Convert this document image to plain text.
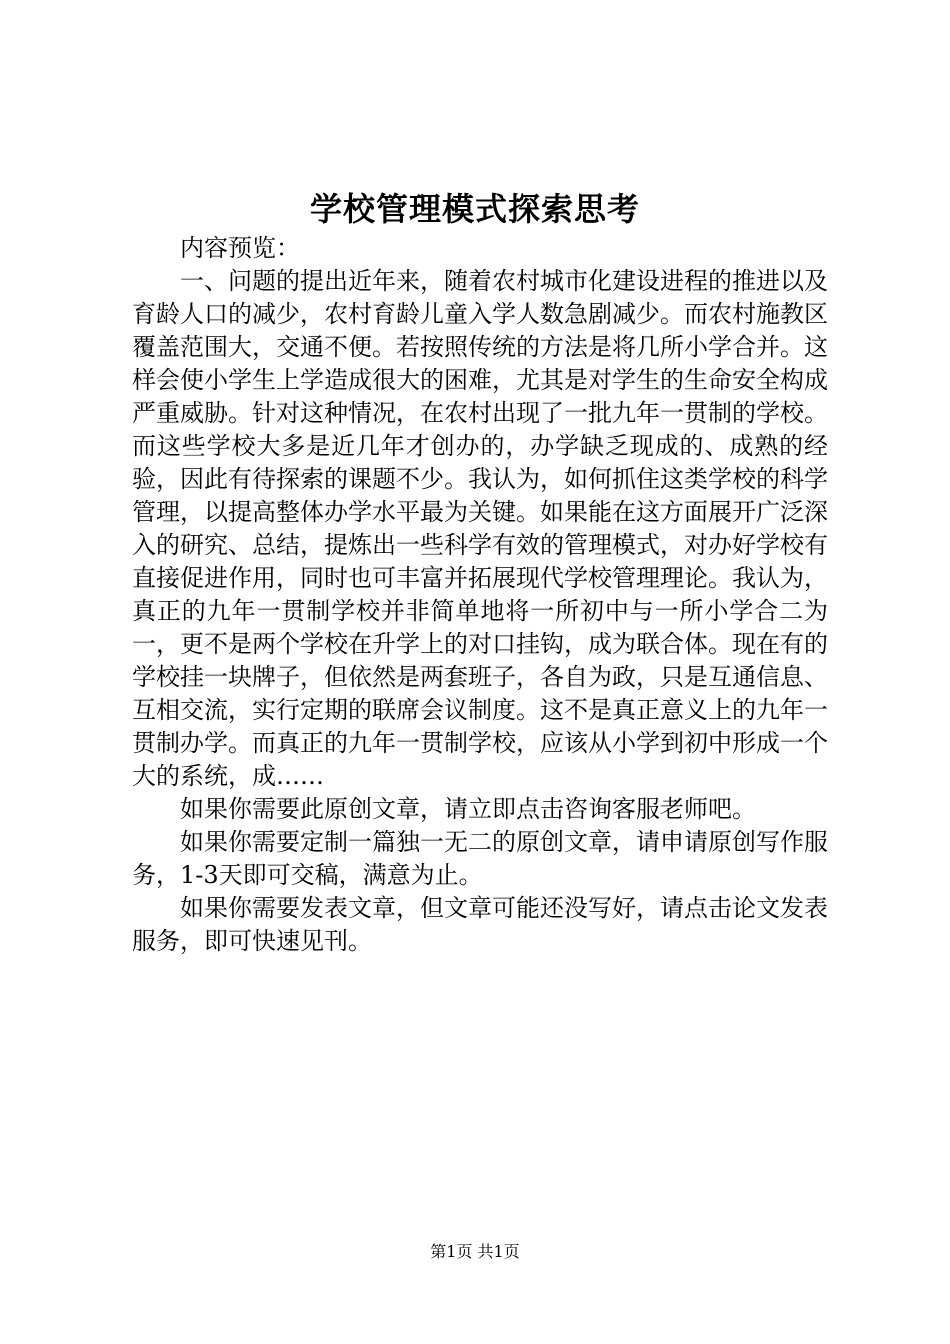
学校管理模式探索思考

内容预览：

一、问题的提出近年来，随着农村城市化建设进程的推进以及育龄人口的减少，农村育龄儿童入学人数急剧减少。而农村施教区覆盖范围大，交通不便。若按照传统的方法是将几所小学合并。这样会使小学生上学造成很大的困难，尤其是对学生的生命安全构成严重威胁。针对这种情况，在农村出现了一批九年一贯制的学校。而这些学校大多是近几年才创办的，办学缺乏现成的、成熟的经验，因此有待探索的课题不少。我认为，如何抓住这类学校的科学管理，以提高整体办学水平最为关键。如果能在这方面展开广泛深入的研究、总结，提炼出一些科学有效的管理模式，对办好学校有直接促进作用，同时也可丰富并拓展现代学校管理理论。我认为，真正的九年一贯制学校并非简单地将一所初中与一所小学合二为一，更不是两个学校在升学上的对口挂钩，成为联合体。现在有的学校挂一块牌子，但依然是两套班子，各自为政，只是互通信息、互相交流，实行定期的联席会议制度。这不是真正意义上的九年一贯制办学。而真正的九年一贯制学校，应该从小学到初中形成一个大的系统，成……

如果你需要此原创文章，请立即点击咨询客服老师吧。

如果你需要定制一篇独一无二的原创文章，请申请原创写作服务，1-3天即可交稿，满意为止。

如果你需要发表文章，但文章可能还没写好，请点击论文发表服务，即可快速见刊。

第1页 共1页
